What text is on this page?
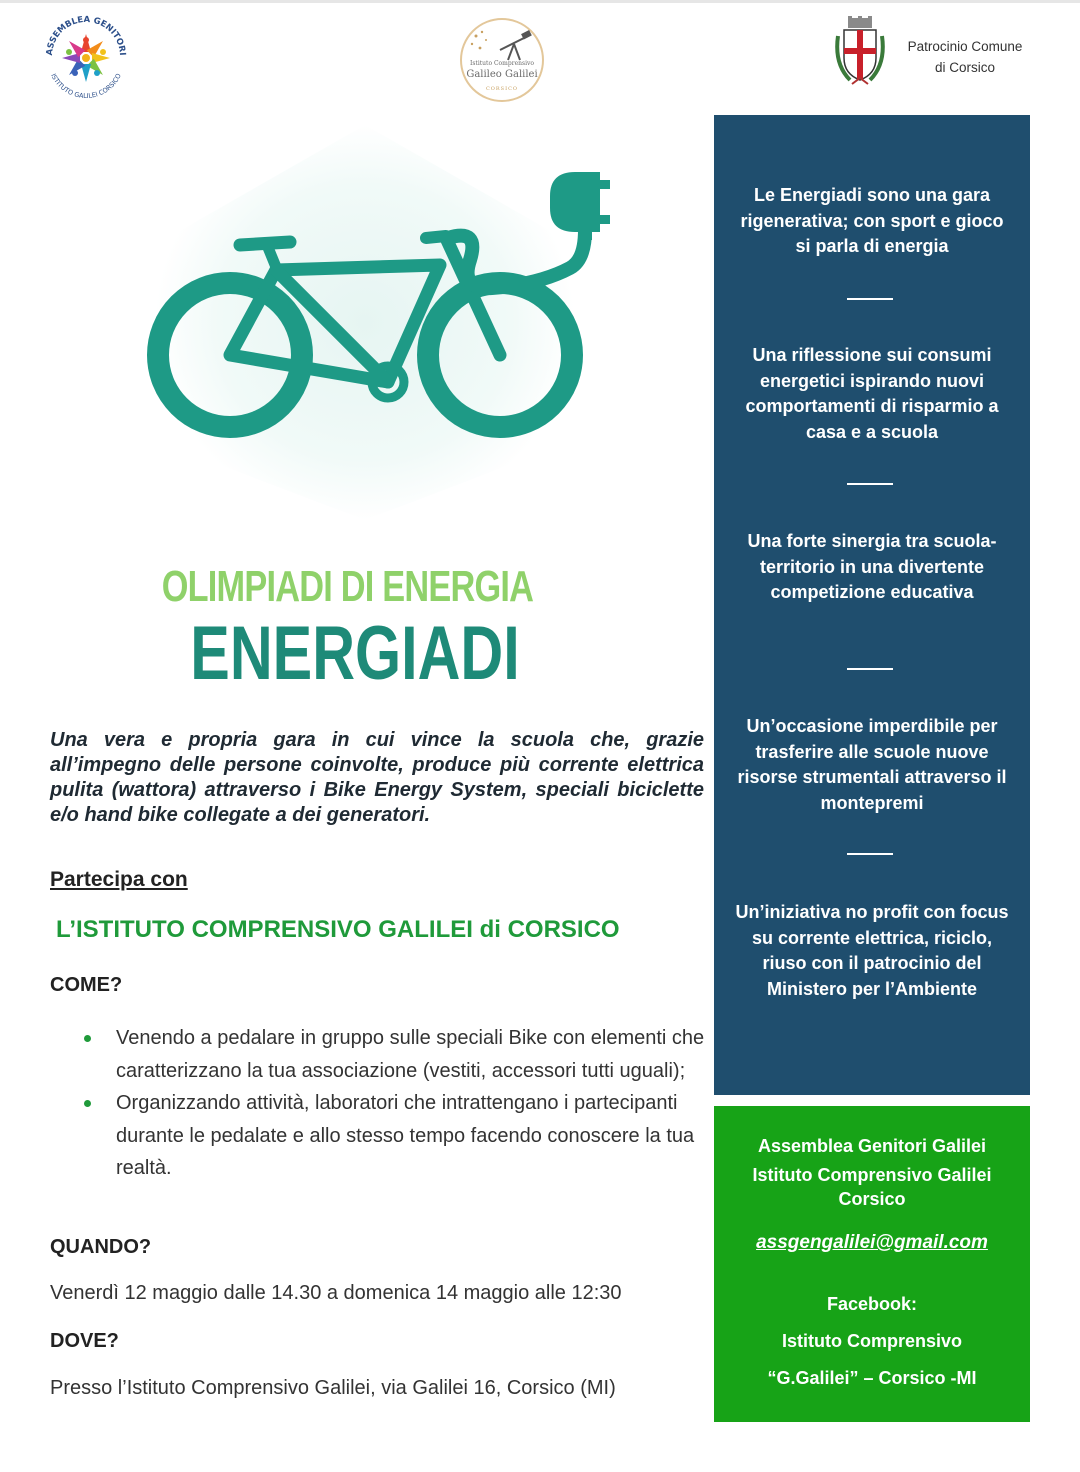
ASSEMBLEA GENITORI
ISTITUTO GALILEI CORSICO
Istituto Comprensivo
Galileo Galilei
CORSICO
Patrocinio Comune
di Corsico
OLIMPIADI DI ENERGIA
ENERGIADI
Una vera e propria gara in cui vince la scuola che, grazie all’impegno delle persone coinvolte, produce più corrente elettrica pulita (wattora) attraverso i Bike Energy System, speciali biciclette e/o hand bike collegate a dei generatori.
Partecipa con
L’ISTITUTO COMPRENSIVO GALILEI di CORSICO
COME?
Venendo a pedalare in gruppo sulle speciali Bike con elementi che caratterizzano la tua associazione (vestiti, accessori tutti uguali);
Organizzando attività, laboratori che intrattengano i partecipanti durante le pedalate e allo stesso tempo facendo conoscere la tua realtà.
QUANDO?
Venerdì 12 maggio dalle 14.30 a domenica 14 maggio alle 12:30
DOVE?
Presso l’Istituto Comprensivo Galilei, via Galilei 16, Corsico (MI)
Le Energiadi sono una gara rigenerativa; con sport e gioco si parla di energia
Una riflessione sui consumi energetici ispirando nuovi comportamenti di risparmio a casa e a scuola
Una forte sinergia tra scuola-territorio in una divertente competizione educativa
Un’occasione imperdibile per trasferire alle scuole nuove risorse strumentali attraverso il montepremi
Un’iniziativa no profit con focus su corrente elettrica, riciclo, riuso con il patrocinio del Ministero per l’Ambiente
Assemblea Genitori Galilei
Istituto Comprensivo Galilei Corsico
assgengalilei@gmail.com
Facebook:
Istituto Comprensivo
“G.Galilei” – Corsico -MI
